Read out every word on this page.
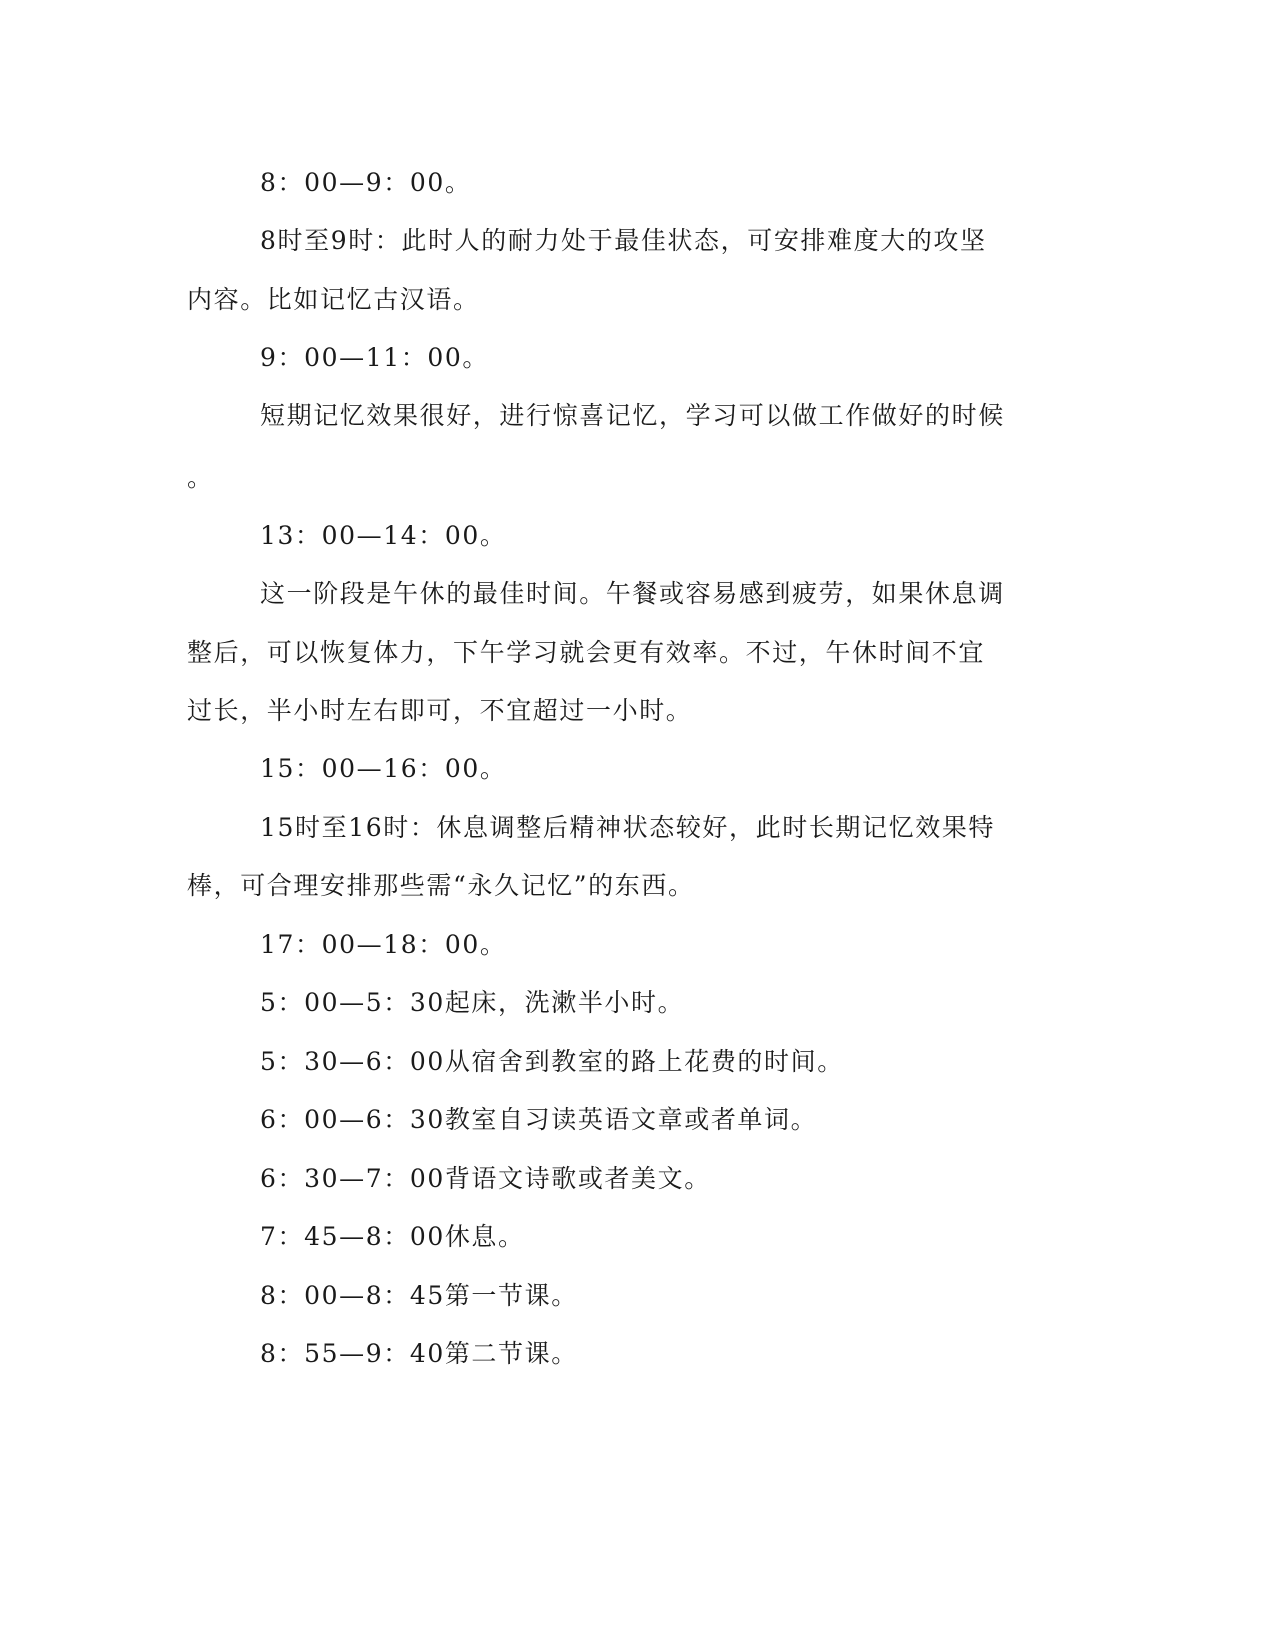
8：00—9：00。
8时至9时：此时人的耐力处于最佳状态，可安排难度大的攻坚
内容。比如记忆古汉语。
9：00—11：00。
短期记忆效果很好，进行惊喜记忆，学习可以做工作做好的时候
。
13：00—14：00。
这一阶段是午休的最佳时间。午餐或容易感到疲劳，如果休息调
整后，可以恢复体力，下午学习就会更有效率。不过，午休时间不宜
过长，半小时左右即可，不宜超过一小时。
15：00—16：00。
15时至16时：休息调整后精神状态较好，此时长期记忆效果特
棒，可合理安排那些需“永久记忆”的东西。
17：00—18：00。
5：00—5：30起床，洗漱半小时。
5：30—6：00从宿舍到教室的路上花费的时间。
6：00—6：30教室自习读英语文章或者单词。
6：30—7：00背语文诗歌或者美文。
7：45—8：00休息。
8：00—8：45第一节课。
8：55—9：40第二节课。
